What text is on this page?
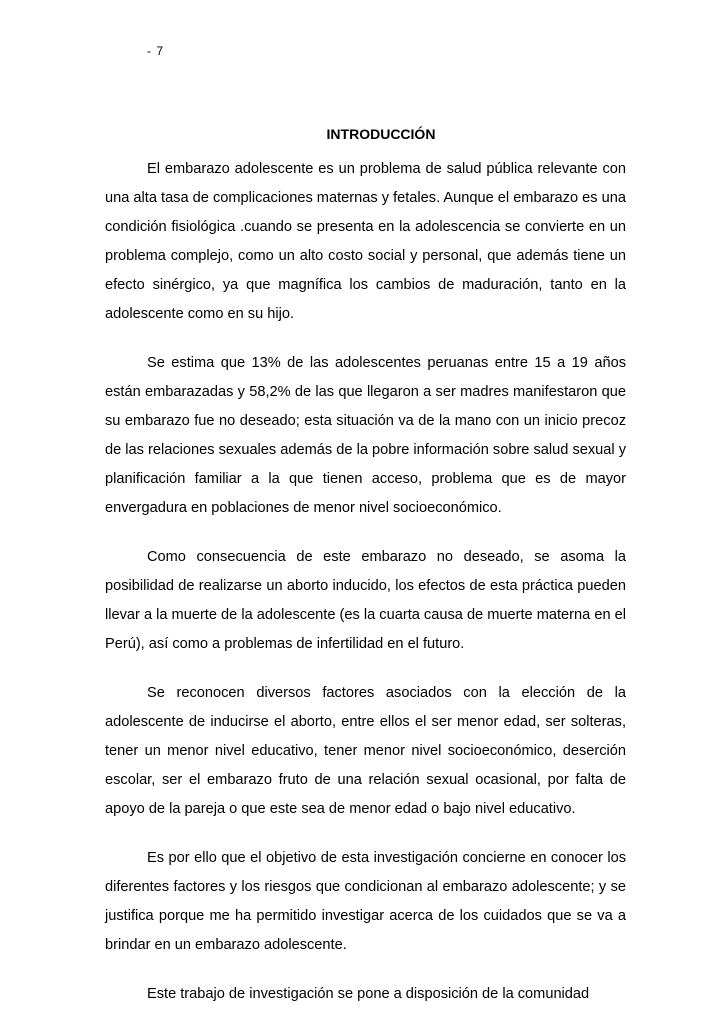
- 7
INTRODUCCIÓN

El embarazo adolescente es un problema de salud pública relevante con una alta tasa de complicaciones maternas y fetales. Aunque el embarazo es una condición fisiológica .cuando se presenta en la adolescencia se convierte en un problema complejo, como un alto costo social y personal, que además tiene un efecto sinérgico, ya que magnífica los cambios de maduración, tanto en la adolescente como en su hijo.

Se estima que 13% de las adolescentes peruanas entre 15 a 19 años están embarazadas y 58,2% de las que llegaron a ser madres manifestaron que su embarazo fue no deseado; esta situación va de la mano con un inicio precoz de las relaciones sexuales además de la pobre información sobre salud sexual y planificación familiar a la que tienen acceso, problema que es de mayor envergadura en poblaciones de menor nivel socioeconómico.

Como consecuencia de este embarazo no deseado, se asoma la posibilidad de realizarse un aborto inducido, los efectos de esta práctica pueden llevar a la muerte de la adolescente (es la cuarta causa de muerte materna en el Perú), así como a problemas de infertilidad en el futuro.

Se reconocen diversos factores asociados con la elección de la adolescente de inducirse el aborto, entre ellos el ser menor edad, ser solteras, tener un menor nivel educativo, tener menor nivel socioeconómico, deserción escolar, ser el embarazo fruto de una relación sexual ocasional, por falta de apoyo de la pareja o que este sea de menor edad o bajo nivel educativo.

Es por ello que el objetivo de esta investigación concierne en conocer los diferentes factores y los riesgos que condicionan al embarazo adolescente; y se justifica porque me ha permitido investigar acerca de los cuidados que se va a brindar en un embarazo adolescente.

Este trabajo de investigación se pone a disposición de la comunidad
